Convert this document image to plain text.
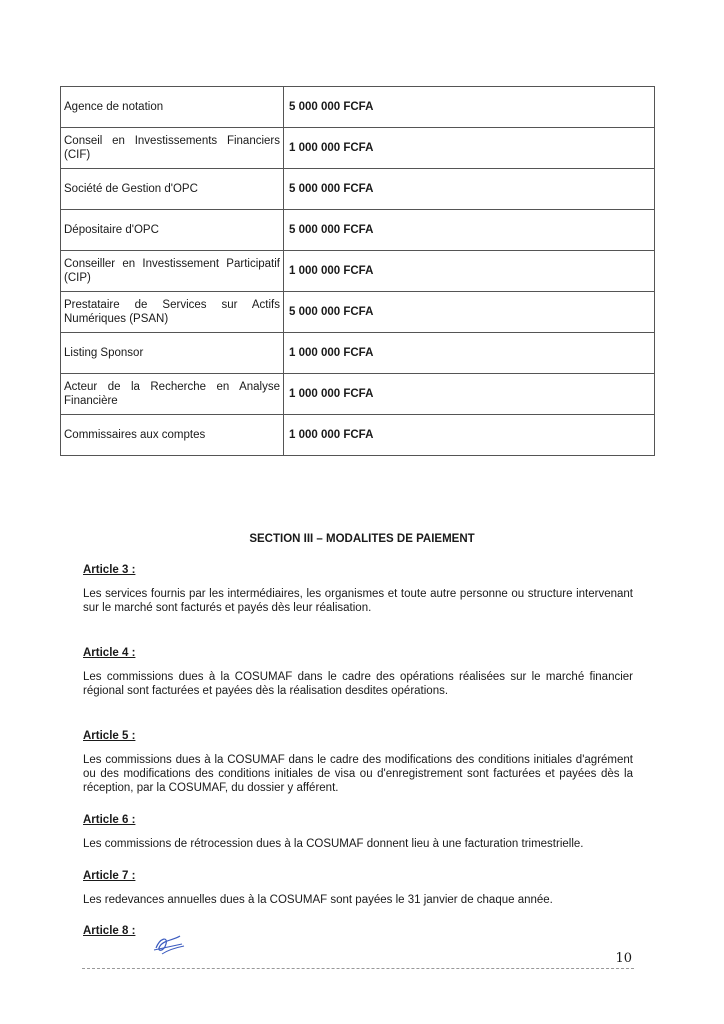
Agence de notation	5 000 000 FCFA
Conseil en Investissements Financiers (CIF)	1 000 000 FCFA
Société de Gestion d'OPC	5 000 000 FCFA
Dépositaire d'OPC	5 000 000 FCFA
Conseiller en Investissement Participatif (CIP)	1 000 000 FCFA
Prestataire de Services sur Actifs Numériques (PSAN)	5 000 000 FCFA
Listing Sponsor	1 000 000 FCFA
Acteur de la Recherche en Analyse Financière	1 000 000 FCFA
Commissaires aux comptes	1 000 000 FCFA
SECTION III – MODALITES DE PAIEMENT
Article 3 :
Les services fournis par les intermédiaires, les organismes et toute autre personne ou structure intervenant sur le marché sont facturés et payés dès leur réalisation.
Article 4 :
Les commissions dues à la COSUMAF dans le cadre des opérations réalisées sur le marché financier régional sont facturées et payées dès la réalisation desdites opérations.
Article 5 :
Les commissions dues à la COSUMAF dans le cadre des modifications des conditions initiales d'agrément ou des modifications des conditions initiales de visa ou d'enregistrement sont facturées et payées dès la réception, par la COSUMAF, du dossier y afférent.
Article 6 :
Les commissions de rétrocession dues à la COSUMAF donnent lieu à une facturation trimestrielle.
Article 7 :
Les redevances annuelles dues à la COSUMAF sont payées le 31 janvier de chaque année.
Article 8 :
10
